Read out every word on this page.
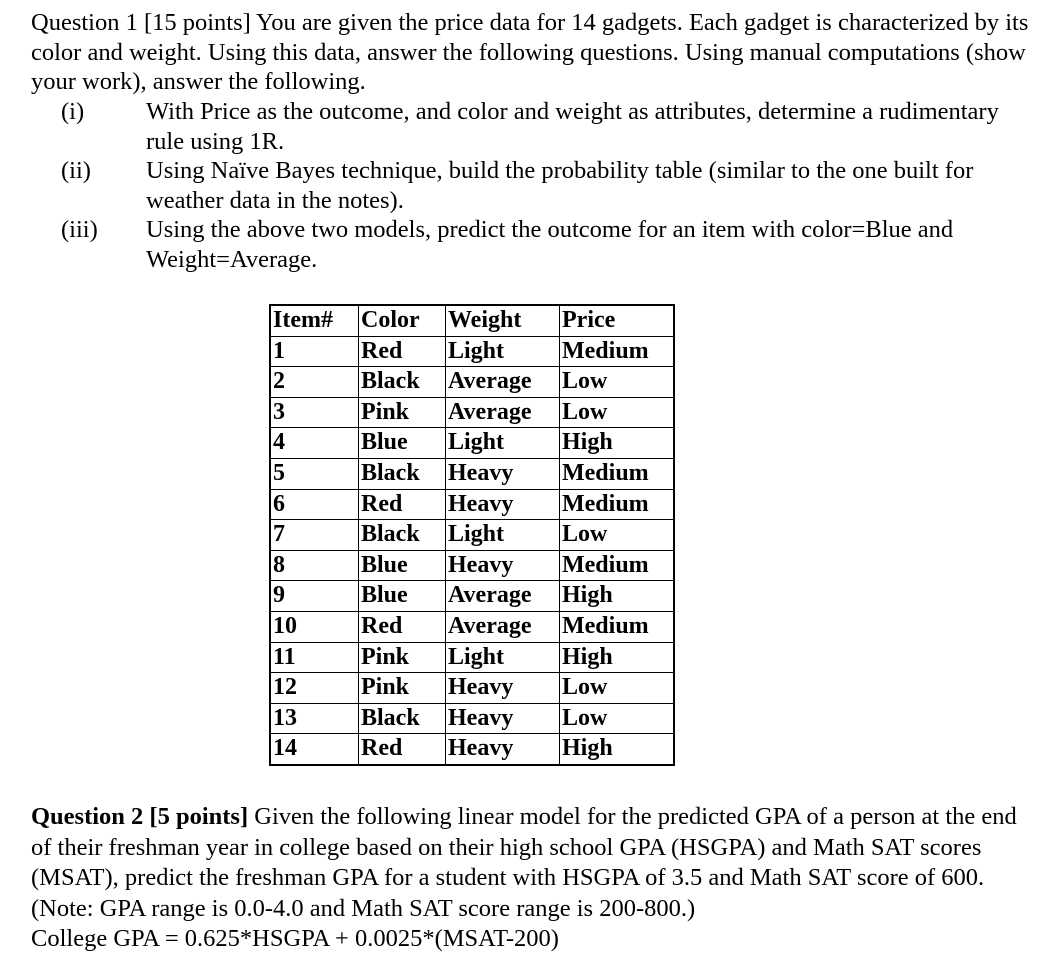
Question 1 [15 points] You are given the price data for 14 gadgets. Each gadget is characterized by its color and weight. Using this data, answer the following questions. Using manual computations (show your work), answer the following.
(i)	With Price as the outcome, and color and weight as attributes, determine a rudimentary rule using 1R.
(ii)	Using Naïve Bayes technique, build the probability table (similar to the one built for weather data in the notes).
(iii)	Using the above two models, predict the outcome for an item with color=Blue and Weight=Average.
Item#	Color	Weight	Price
1	Red	Light	Medium
2	Black	Average	Low
3	Pink	Average	Low
4	Blue	Light	High
5	Black	Heavy	Medium
6	Red	Heavy	Medium
7	Black	Light	Low
8	Blue	Heavy	Medium
9	Blue	Average	High
10	Red	Average	Medium
11	Pink	Light	High
12	Pink	Heavy	Low
13	Black	Heavy	Low
14	Red	Heavy	High
Question 2 [5 points] Given the following linear model for the predicted GPA of a person at the end of their freshman year in college based on their high school GPA (HSGPA) and Math SAT scores (MSAT), predict the freshman GPA for a student with HSGPA of 3.5 and Math SAT score of 600. (Note: GPA range is 0.0-4.0 and Math SAT score range is 200-800.)
College GPA = 0.625*HSGPA + 0.0025*(MSAT-200)
